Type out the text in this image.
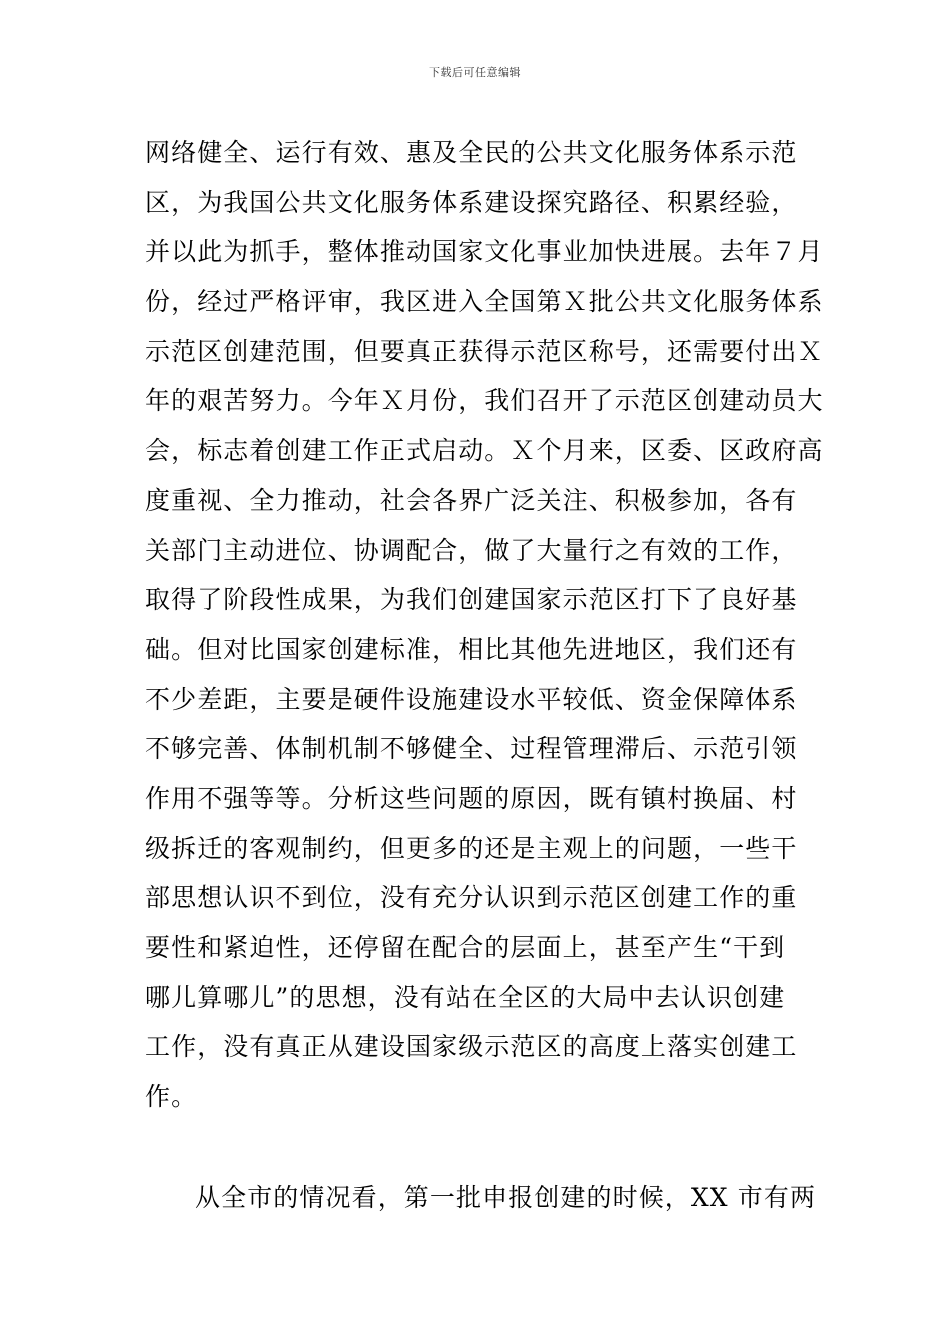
下载后可任意编辑
网络健全、运行有效、惠及全民的公共文化服务体系示范
区，为我国公共文化服务体系建设探究路径、积累经验，
并以此为抓手，整体推动国家文化事业加快进展。去年７月
份，经过严格评审，我区进入全国第Ｘ批公共文化服务体系
示范区创建范围，但要真正获得示范区称号，还需要付出Ｘ
年的艰苦努力。今年Ｘ月份，我们召开了示范区创建动员大
会，标志着创建工作正式启动。Ｘ个月来，区委、区政府高
度重视、全力推动，社会各界广泛关注、积极参加，各有
关部门主动进位、协调配合，做了大量行之有效的工作，
取得了阶段性成果，为我们创建国家示范区打下了良好基
础。但对比国家创建标准，相比其他先进地区，我们还有
不少差距，主要是硬件设施建设水平较低、资金保障体系
不够完善、体制机制不够健全、过程管理滞后、示范引领
作用不强等等。分析这些问题的原因，既有镇村换届、村
级拆迁的客观制约，但更多的还是主观上的问题，一些干
部思想认识不到位，没有充分认识到示范区创建工作的重
要性和紧迫性，还停留在配合的层面上，甚至产生“干到
哪儿算哪儿”的思想，没有站在全区的大局中去认识创建
工作，没有真正从建设国家级示范区的高度上落实创建工
作。
从全市的情况看，第一批申报创建的时候，XX 市有两
